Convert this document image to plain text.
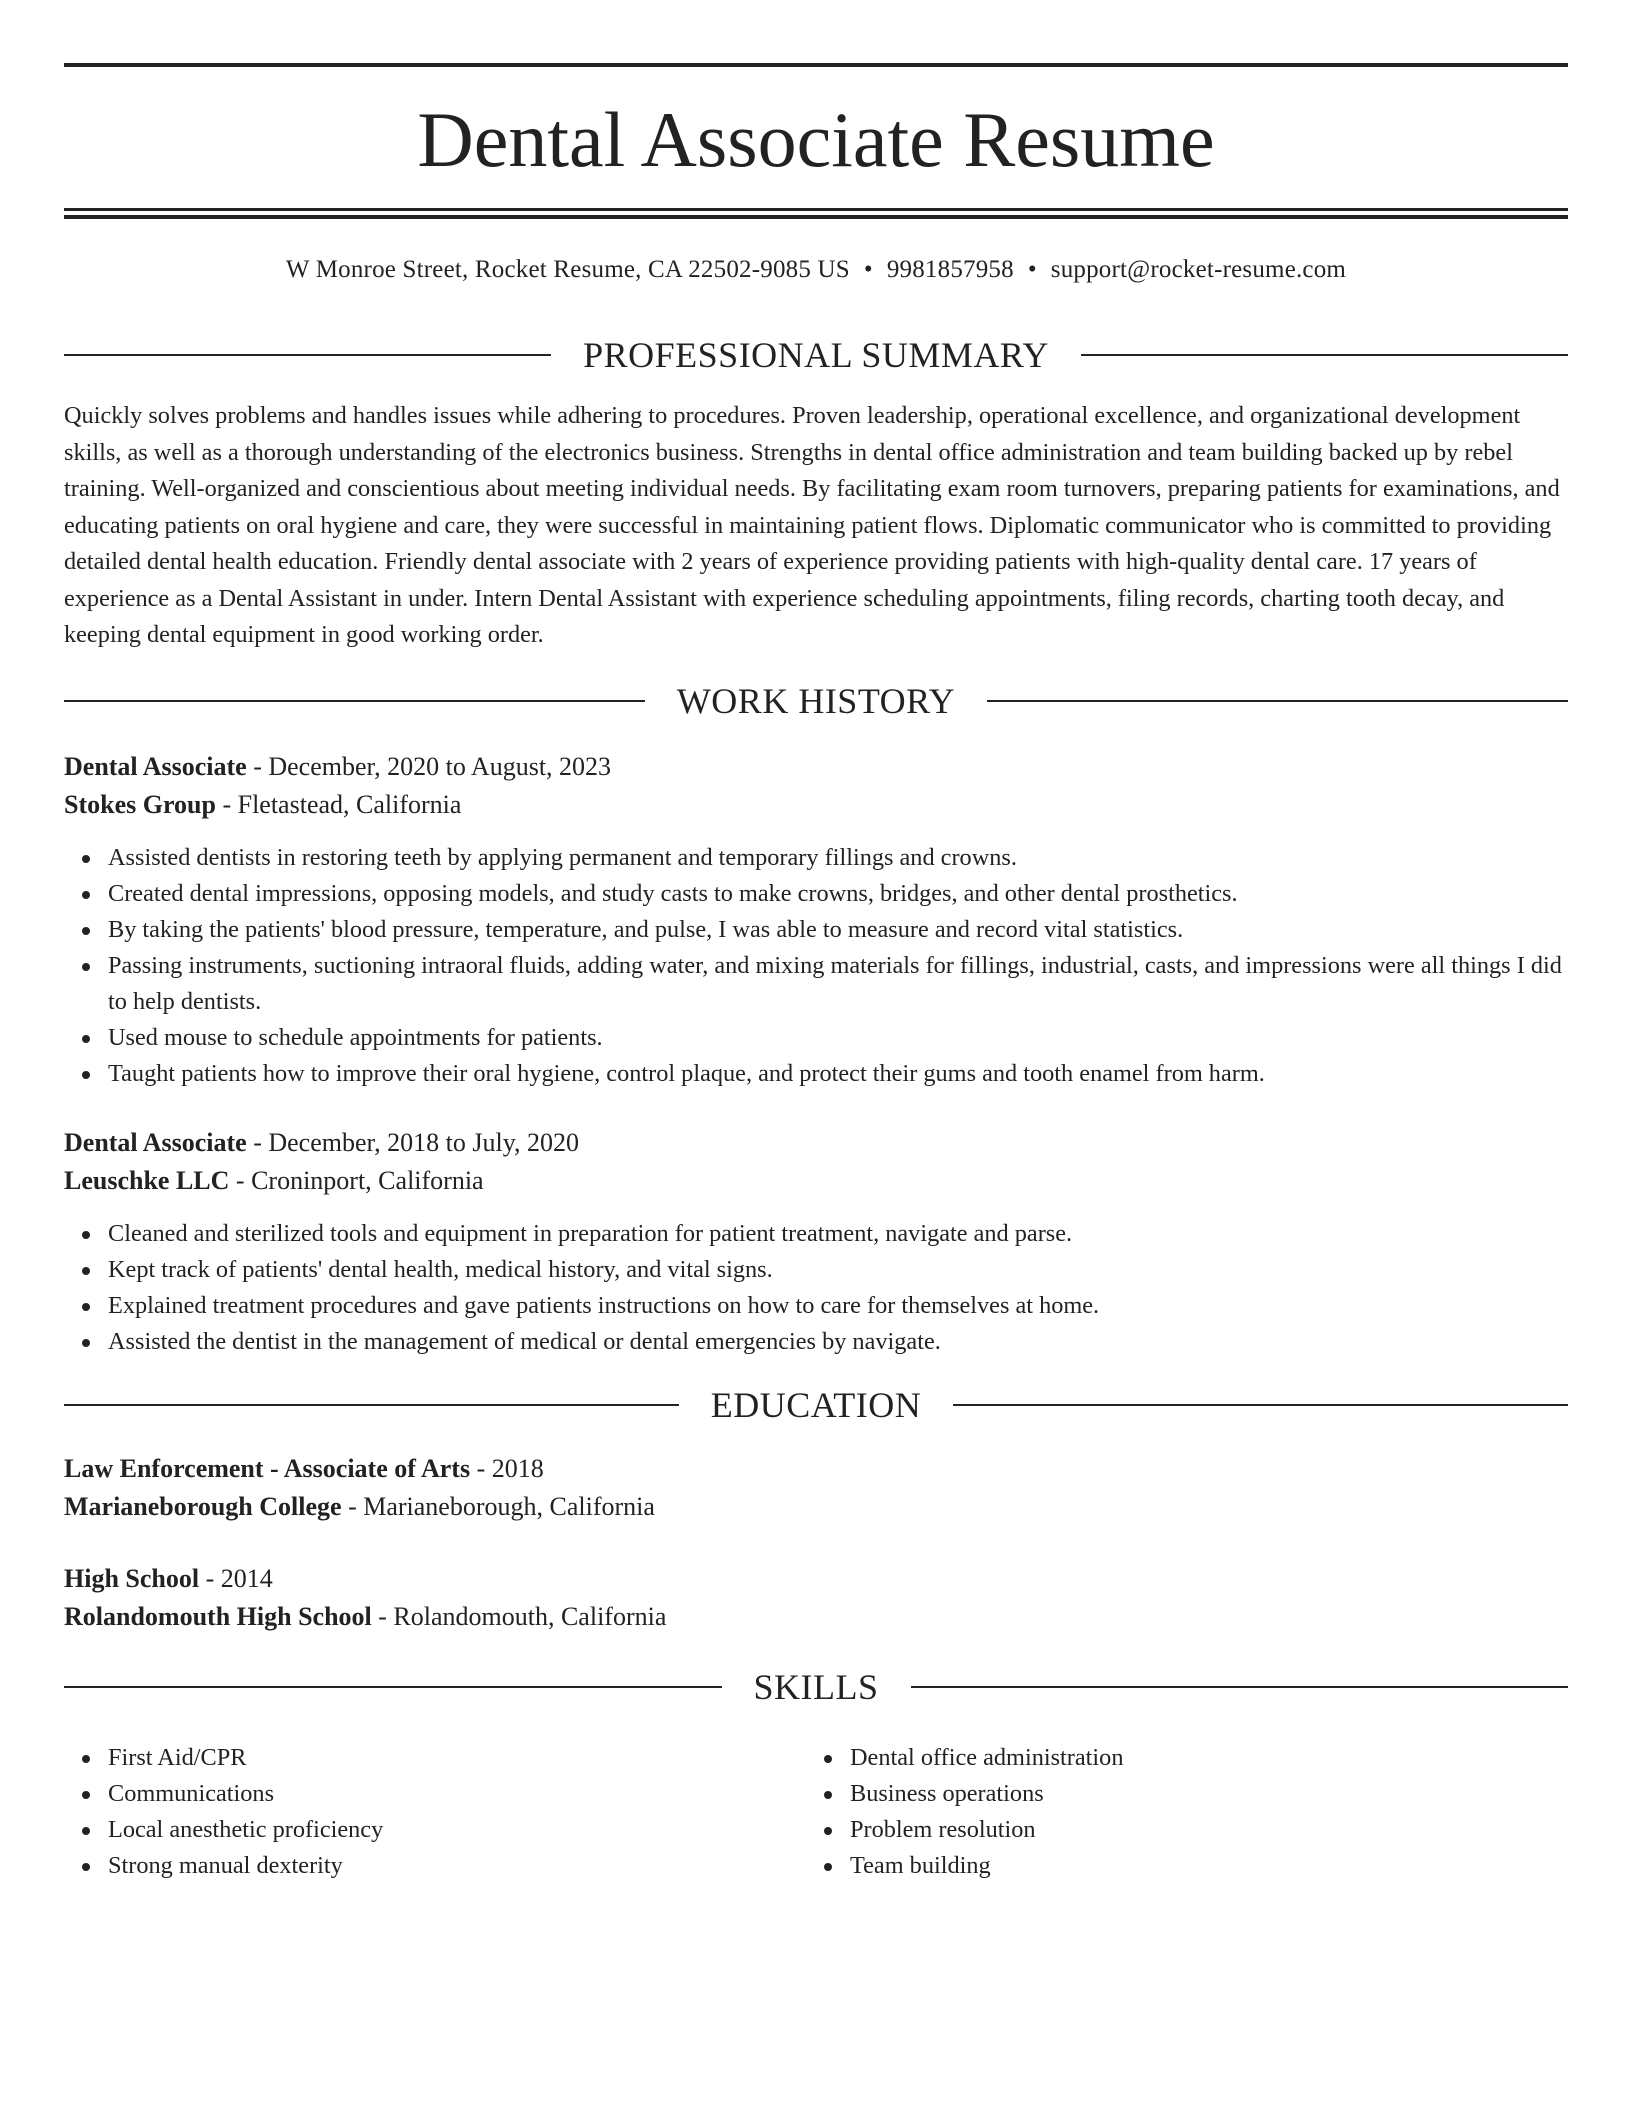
Dental Associate Resume
W Monroe Street, Rocket Resume, CA 22502-9085 US • 9981857958 • support@rocket-resume.com
PROFESSIONAL SUMMARY

Quickly solves problems and handles issues while adhering to procedures. Proven leadership, operational excellence, and organizational development skills, as well as a thorough understanding of the electronics business. Strengths in dental office administration and team building backed up by rebel training. Well-organized and conscientious about meeting individual needs. By facilitating exam room turnovers, preparing patients for examinations, and educating patients on oral hygiene and care, they were successful in maintaining patient flows. Diplomatic communicator who is committed to providing detailed dental health education. Friendly dental associate with 2 years of experience providing patients with high-quality dental care. 17 years of experience as a Dental Assistant in under. Intern Dental Assistant with experience scheduling appointments, filing records, charting tooth decay, and keeping dental equipment in good working order.

WORK HISTORY
Dental Associate - December, 2020 to August, 2023
Stokes Group - Fletastead, California
Assisted dentists in restoring teeth by applying permanent and temporary fillings and crowns.
Created dental impressions, opposing models, and study casts to make crowns, bridges, and other dental prosthetics.
By taking the patients' blood pressure, temperature, and pulse, I was able to measure and record vital statistics.
Passing instruments, suctioning intraoral fluids, adding water, and mixing materials for fillings, industrial, casts, and impressions were all things I did to help dentists.
Used mouse to schedule appointments for patients.
Taught patients how to improve their oral hygiene, control plaque, and protect their gums and tooth enamel from harm.
Dental Associate - December, 2018 to July, 2020
Leuschke LLC - Croninport, California
Cleaned and sterilized tools and equipment in preparation for patient treatment, navigate and parse.
Kept track of patients' dental health, medical history, and vital signs.
Explained treatment procedures and gave patients instructions on how to care for themselves at home.
Assisted the dentist in the management of medical or dental emergencies by navigate.
EDUCATION
Law Enforcement - Associate of Arts - 2018
Marianeborough College - Marianeborough, California
High School - 2014
Rolandomouth High School - Rolandomouth, California
SKILLS
First Aid/CPR
Communications
Local anesthetic proficiency
Strong manual dexterity
Dental office administration
Business operations
Problem resolution
Team building
